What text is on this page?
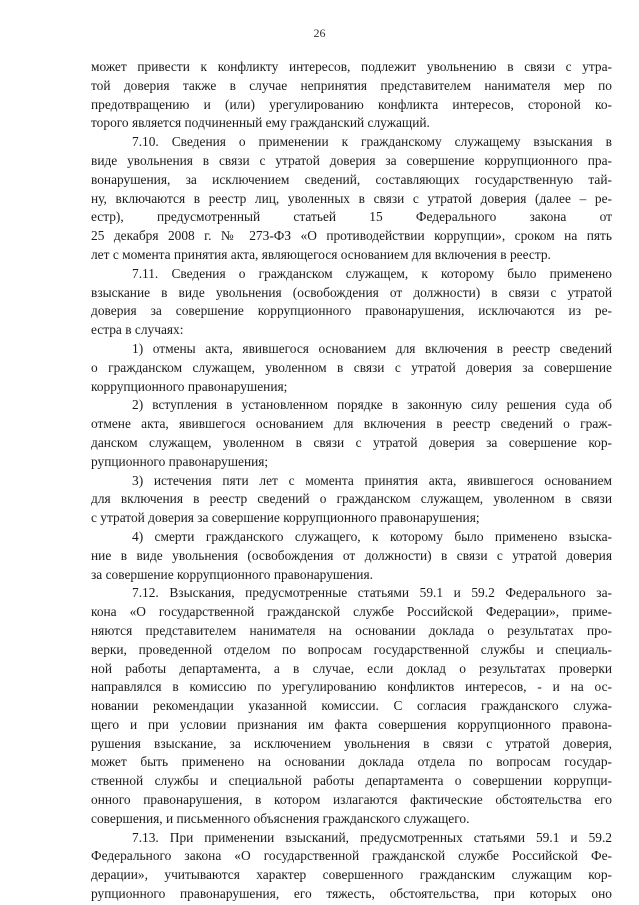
26
может привести к конфликту интересов, подлежит увольнению в связи с утра-
той доверия также в случае непринятия представителем нанимателя мер по
предотвращению и (или) урегулированию конфликта интересов, стороной ко-
торого является подчиненный ему гражданский служащий.
7.10. Сведения о применении к гражданскому служащему взыскания в
виде увольнения в связи с утратой доверия за совершение коррупционного пра-
вонарушения, за исключением сведений, составляющих государственную тай-
ну, включаются в реестр лиц, уволенных в связи с утратой доверия (далее – ре-
естр), предусмотренный статьей 15 Федерального закона от
25 декабря 2008 г. № 273-ФЗ «О противодействии коррупции», сроком на пять
лет с момента принятия акта, являющегося основанием для включения в реестр.
7.11. Сведения о гражданском служащем, к которому было применено
взыскание в виде увольнения (освобождения от должности) в связи с утратой
доверия за совершение коррупционного правонарушения, исключаются из ре-
естра в случаях:
1) отмены акта, явившегося основанием для включения в реестр сведений
о гражданском служащем, уволенном в связи с утратой доверия за совершение
коррупционного правонарушения;
2) вступления в установленном порядке в законную силу решения суда об
отмене акта, явившегося основанием для включения в реестр сведений о граж-
данском служащем, уволенном в связи с утратой доверия за совершение кор-
рупционного правонарушения;
3) истечения пяти лет с момента принятия акта, явившегося основанием
для включения в реестр сведений о гражданском служащем, уволенном в связи
с утратой доверия за совершение коррупционного правонарушения;
4) смерти гражданского служащего, к которому было применено взыска-
ние в виде увольнения (освобождения от должности) в связи с утратой доверия
за совершение коррупционного правонарушения.
7.12. Взыскания, предусмотренные статьями 59.1 и 59.2 Федерального за-
кона «О государственной гражданской службе Российской Федерации», приме-
няются представителем нанимателя на основании доклада о результатах про-
верки, проведенной отделом по вопросам государственной службы и специаль-
ной работы департамента, а в случае, если доклад о результатах проверки
направлялся в комиссию по урегулированию конфликтов интересов, - и на ос-
новании рекомендации указанной комиссии. С согласия гражданского служа-
щего и при условии признания им факта совершения коррупционного правона-
рушения взыскание, за исключением увольнения в связи с утратой доверия,
может быть применено на основании доклада отдела по вопросам государ-
ственной службы и специальной работы департамента о совершении коррупци-
онного правонарушения, в котором излагаются фактические обстоятельства его
совершения, и письменного объяснения гражданского служащего.
7.13. При применении взысканий, предусмотренных статьями 59.1 и 59.2
Федерального закона «О государственной гражданской службе Российской Фе-
дерации», учитываются характер совершенного гражданским служащим кор-
рупционного правонарушения, его тяжесть, обстоятельства, при которых оно
